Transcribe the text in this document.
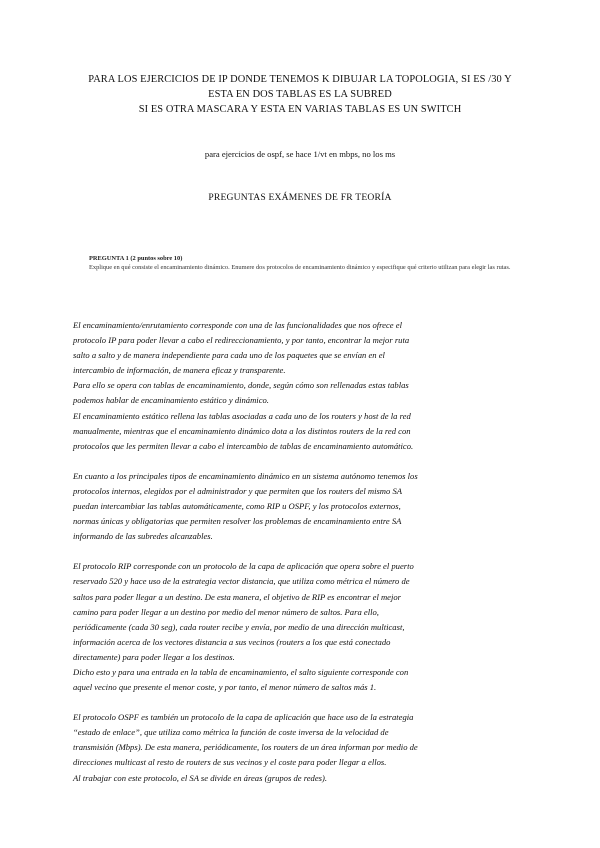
PARA LOS EJERCICIOS DE IP DONDE TENEMOS K DIBUJAR LA TOPOLOGIA, SI ES /30 Y
ESTA EN DOS TABLAS ES LA SUBRED
SI ES OTRA MASCARA Y ESTA EN VARIAS TABLAS ES UN SWITCH
para ejercicios de ospf, se hace 1/vt en mbps, no los ms
PREGUNTAS EXÁMENES DE FR TEORÍA
PREGUNTA 1 (2 puntos sobre 10)
Explique en qué consiste el encaminamiento dinámico. Enumere dos protocolos de encaminamiento dinámico y especifique qué criterio utilizan para elegir las rutas.

El encaminamiento/enrutamiento corresponde con una de las funcionalidades que nos ofrece el
protocolo IP para poder llevar a cabo el redireccionamiento, y por tanto, encontrar la mejor ruta
salto a salto y de manera independiente para cada uno de los paquetes que se envían en el
intercambio de información, de manera eficaz y transparente.
Para ello se opera con tablas de encaminamiento, donde, según cómo son rellenadas estas tablas
podemos hablar de encaminamiento estático y dinámico.
El encaminamiento estático rellena las tablas asociadas a cada uno de los routers y host de la red
manualmente, mientras que el encaminamiento dinámico dota a los distintos routers de la red con
protocolos que les permiten llevar a cabo el intercambio de tablas de encaminamiento automático.

En cuanto a los principales tipos de encaminamiento dinámico en un sistema autónomo tenemos los
protocolos internos, elegidos por el administrador y que permiten que los routers del mismo SA
puedan intercambiar las tablas automáticamente, como RIP u OSPF, y los protocolos externos,
normas únicas y obligatorias que permiten resolver los problemas de encaminamiento entre SA
informando de las subredes alcanzables.

El protocolo RIP corresponde con un protocolo de la capa de aplicación que opera sobre el puerto
reservado 520 y hace uso de la estrategia vector distancia, que utiliza como métrica el número de
saltos para poder llegar a un destino. De esta manera, el objetivo de RIP es encontrar el mejor
camino para poder llegar a un destino por medio del menor número de saltos. Para ello,
periódicamente (cada 30 seg), cada router recibe y envía, por medio de una dirección multicast,
información acerca de los vectores distancia a sus vecinos (routers a los que está conectado
directamente) para poder llegar a los destinos.
Dicho esto y para una entrada en la tabla de encaminamiento, el salto siguiente corresponde con
aquel vecino que presente el menor coste, y por tanto, el menor número de saltos más 1.

El protocolo OSPF es también un protocolo de la capa de aplicación que hace uso de la estrategia
“estado de enlace”, que utiliza como métrica la función de coste inversa de la velocidad de
transmisión (Mbps). De esta manera, periódicamente, los routers de un área informan por medio de
direcciones multicast al resto de routers de sus vecinos y el coste para poder llegar a ellos.
Al trabajar con este protocolo, el SA se divide en áreas (grupos de redes).
